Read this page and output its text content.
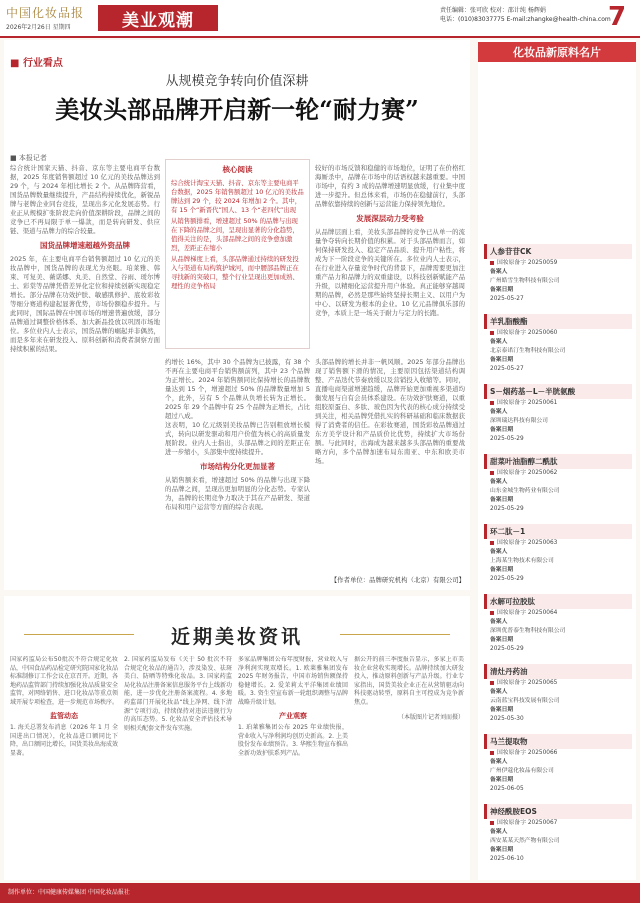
中国化妆品报
2026年2月26日 星期四	美业观潮	责任编辑：张可欣 校对：邵计纯 杨辉娟
电话：(010)83037775 E-mail:zhangke@health-china.com
7
■ 行业看点
从规模竞争转向价值深耕
美妆头部品牌开启新一轮“耐力赛”
■ 本报记者

综合统计国家天猫、抖音、京东等主要电商平台数据，2025 年度销售额超过 10 亿元的美妆品牌达到 29 个，与 2024 年相比增长 2 个。从品牌阵营看，国货品牌数量继续提升，产品结构持续优化，新锐品牌与老牌企业同台竞技，呈现出多元化发展态势。行业正从规模扩张阶段走向价值深耕阶段，品牌之间的竞争已不再局限于单一爆款，而是转向研发、供应链、渠道与品牌力的综合较量。

国货品牌增速超越外资品牌

2025 年，在主要电商平台销售额超过 10 亿元的美妆品牌中，国货品牌的表现尤为亮眼。珀莱雅、韩束、可复美、薇诺娜、丸美、自然堂、谷雨、瑷尔博士、彩棠等品牌凭借差异化定位和持续创新实现稳定增长。部分品牌在功效护肤、敏感肌修护、底妆彩妆等细分赛道构建起显著优势，市场份额稳步提升。与此同时，国际品牌在中国市场的增速普遍放缓，部分品牌通过调整价格体系、加大新品投放以巩固市场地位。多位业内人士表示，国货品牌的崛起并非偶然，而是多年来在研发投入、原料创新和消费者洞察方面持续积累的结果。

核心阅读

综合统计淘宝天猫、抖音、京东等主要电商平台数据，2025 年销售额超过 10 亿元的美妆品牌达到 29 个，较 2024 年增加 2 个。其中，有 15 个“新晋代”国人、13 个“老四代”出现

从销售额排看，增速超过 50% 的品牌与出现在下降的品牌之间，呈现出显著的分化趋势，值得关注的是，头部品牌之间的竞争愈加激烈，差距正在缩小

从品牌梯度上看，头部品牌通过持续的研发投入与渠道布局构筑护城河，而中腰部品牌正在寻找新的突破口，整个行业呈现出更加成熟、理性的竞争格局

约增长 16%，其中 30 个品牌为已披露，有 38 个不再在主要电商平台销售额前列，其中 23 个品牌为正增长。2024 年销售额同比保持增长的品牌数量达到 15 个，增速超过 50% 的品牌数量增加 5 个，此外，另有 5 个品牌从负增长转为正增长。2025 年 29 个品牌中有 25 个品牌为正增长，占比超过八成。

这表明，10 亿元级别美妆品牌已告别粗放增长模式，转向以研发驱动和用户价值为核心的高质量发展阶段。业内人士指出，头部品牌之间的差距正在进一步缩小，头部集中度持续提升。

市场结构分化更加显著

从销售额来看，增速超过 50% 的品牌与出现下降的品牌之间，呈现出更加明显的分化态势。专家认为，品牌的长期竞争力取决于其在产品研发、渠道布局和用户运营等方面的综合表现。

头部品牌的增长并非一帆风顺。2025 年部分品牌出现了销售额下滑的情况，主要原因包括渠道结构调整、产品迭代节奏放缓以及营销投入收缩等。同时，直播电商渠道增速趋缓，品牌开始更加重视多渠道均衡发展与自有会员体系建设。在功效护肤赛道，以重组胶原蛋白、多肽、玻色因为代表的核心成分持续受到关注，相关品牌凭借扎实的科研基础和临床数据获得了消费者的信任。在彩妆赛道，国货彩妆品牌通过东方美学设计和产品质价比优势，持续扩大市场份额。与此同时，出海成为越来越多头部品牌的重要战略方向，多个品牌加速布局东南亚、中东和欧美市场。

较好的市场反馈和稳健的市场地位，证明了在价格红海厮杀中，品牌在市场中的话语权越来越重要。中国市场中，有约 3 成的品牌增速明显放缓，行业集中度进一步提升。但总体来看，市场仍在稳健前行，头部品牌依靠持续的创新与运营能力保持领先地位。

发展深层动力受考验

从品牌层面上看，美妆头部品牌的竞争已从单一的流量争夺转向长期价值的积累。对于头部品牌而言，如何保持研发投入、稳定产品品质、提升用户粘性，将成为下一阶段竞争的关键所在。多位业内人士表示，在行业进入存量竞争时代的背景下，品牌需要更加注重产品力和品牌力的双重建设，以科技创新赋能产品升级，以精细化运营提升用户体验。真正能够穿越周期的品牌，必然是那些始终坚持长期主义、以用户为中心、以研发为根本的企业。10 亿元品牌俱乐部的竞争，本质上是一场关于耐力与定力的长跑。

【作者单位：品牌研究机构（北京）有限公司】
化妆品新原料名片
人参苷苷CK
国妆原备字 20250059
备案人
广州皓雪生物科技有限公司
备案日期
2025-05-27
羊乳脂酸酯
国妆原备字 20250060
备案人
北京泰诺汀生物科技有限公司
备案日期
2025-05-27
S－烟药基－L－半胱氨酸
国妆原备字 20250061
备案人
深圳瑞达科技有限公司
备案日期
2025-05-29
甜菜叶油脂醇二酰肽
国妆原备字 20250062
备案人
山东金城生物药业有限公司
备案日期
2025-05-29
环二肽－1
国妆原备字 20250063
备案人
上海某生物技术有限公司
备案日期
2025-05-29
水解可拉胶肽
国妆原备字 20250064
备案人
深圳优普泰生物科技有限公司
备案日期
2025-05-29
清灶丹药油
国妆原备字 20250065
备案人
云南蓝宝科技发展有限公司
备案日期
2025-05-30
马兰提取物
国妆原备字 20250066
备案人
广州伊蔻化妆品有限公司
备案日期
2025-06-05
神经酰胺EOS
国妆原备字 20250067
备案人
西安某某天然产物有限公司
备案日期
2025-06-10
近期美妆资讯

国家药监局公布50批次不符合规定化妆品，中国食品药品检定研究院国家化妆品标准制修订工作会议在京召开。近期，各地药品监管部门持续加强化妆品质量安全监管，对网络销售、进口化妆品等重点领域开展专项检查，进一步规范市场秩序。

监管动态

1. 海关总署发布消息（2026 年 1 月 全国进出口情况），化妆品进口额同比下降，出口额同比增长，国货美妆出海成效显著。

2. 国家药监局发布《关于 50 批次不符合规定化妆品的通告》，涉及染发、祛斑美白、防晒等特殊化妆品。3. 国家药监局化妆品注册备案信息服务平台上线新功能，进一步优化注册备案流程。4. 多地药监部门开展化妆品“线上净网、线下清源”专项行动，持续保持对违法违规行为的高压态势。5. 化妆品安全评估技术导则相关配套文件发布实施。

多家品牌集团公布年度财报，营业收入与净利润实现双增长。1. 欧莱雅集团发布 2025 年财务报告，中国市场销售额保持稳健增长。2. 爱茉莉太平洋集团业绩回暖。3. 资生堂宣布新一轮组织调整与品牌战略升级计划。

产业观察

1. 珀莱雅集团公布 2025 年业绩快报，营业收入与净利润均创历史新高。2. 上美股份发布业绩预告。3. 华熙生物宣布推出全新功效护肤系列产品。

据公开的前三季度报告显示，多家上市美妆企业营收实现增长。品牌持续加大研发投入，推动原料创新与产品升级。行业专家指出，国货美妆企业正在从营销驱动向科技驱动转型，原料自主可控成为竞争新焦点。

（本版图片记者刘而摄）

制作单位：中国健康传媒集团 中国化妆品报社
